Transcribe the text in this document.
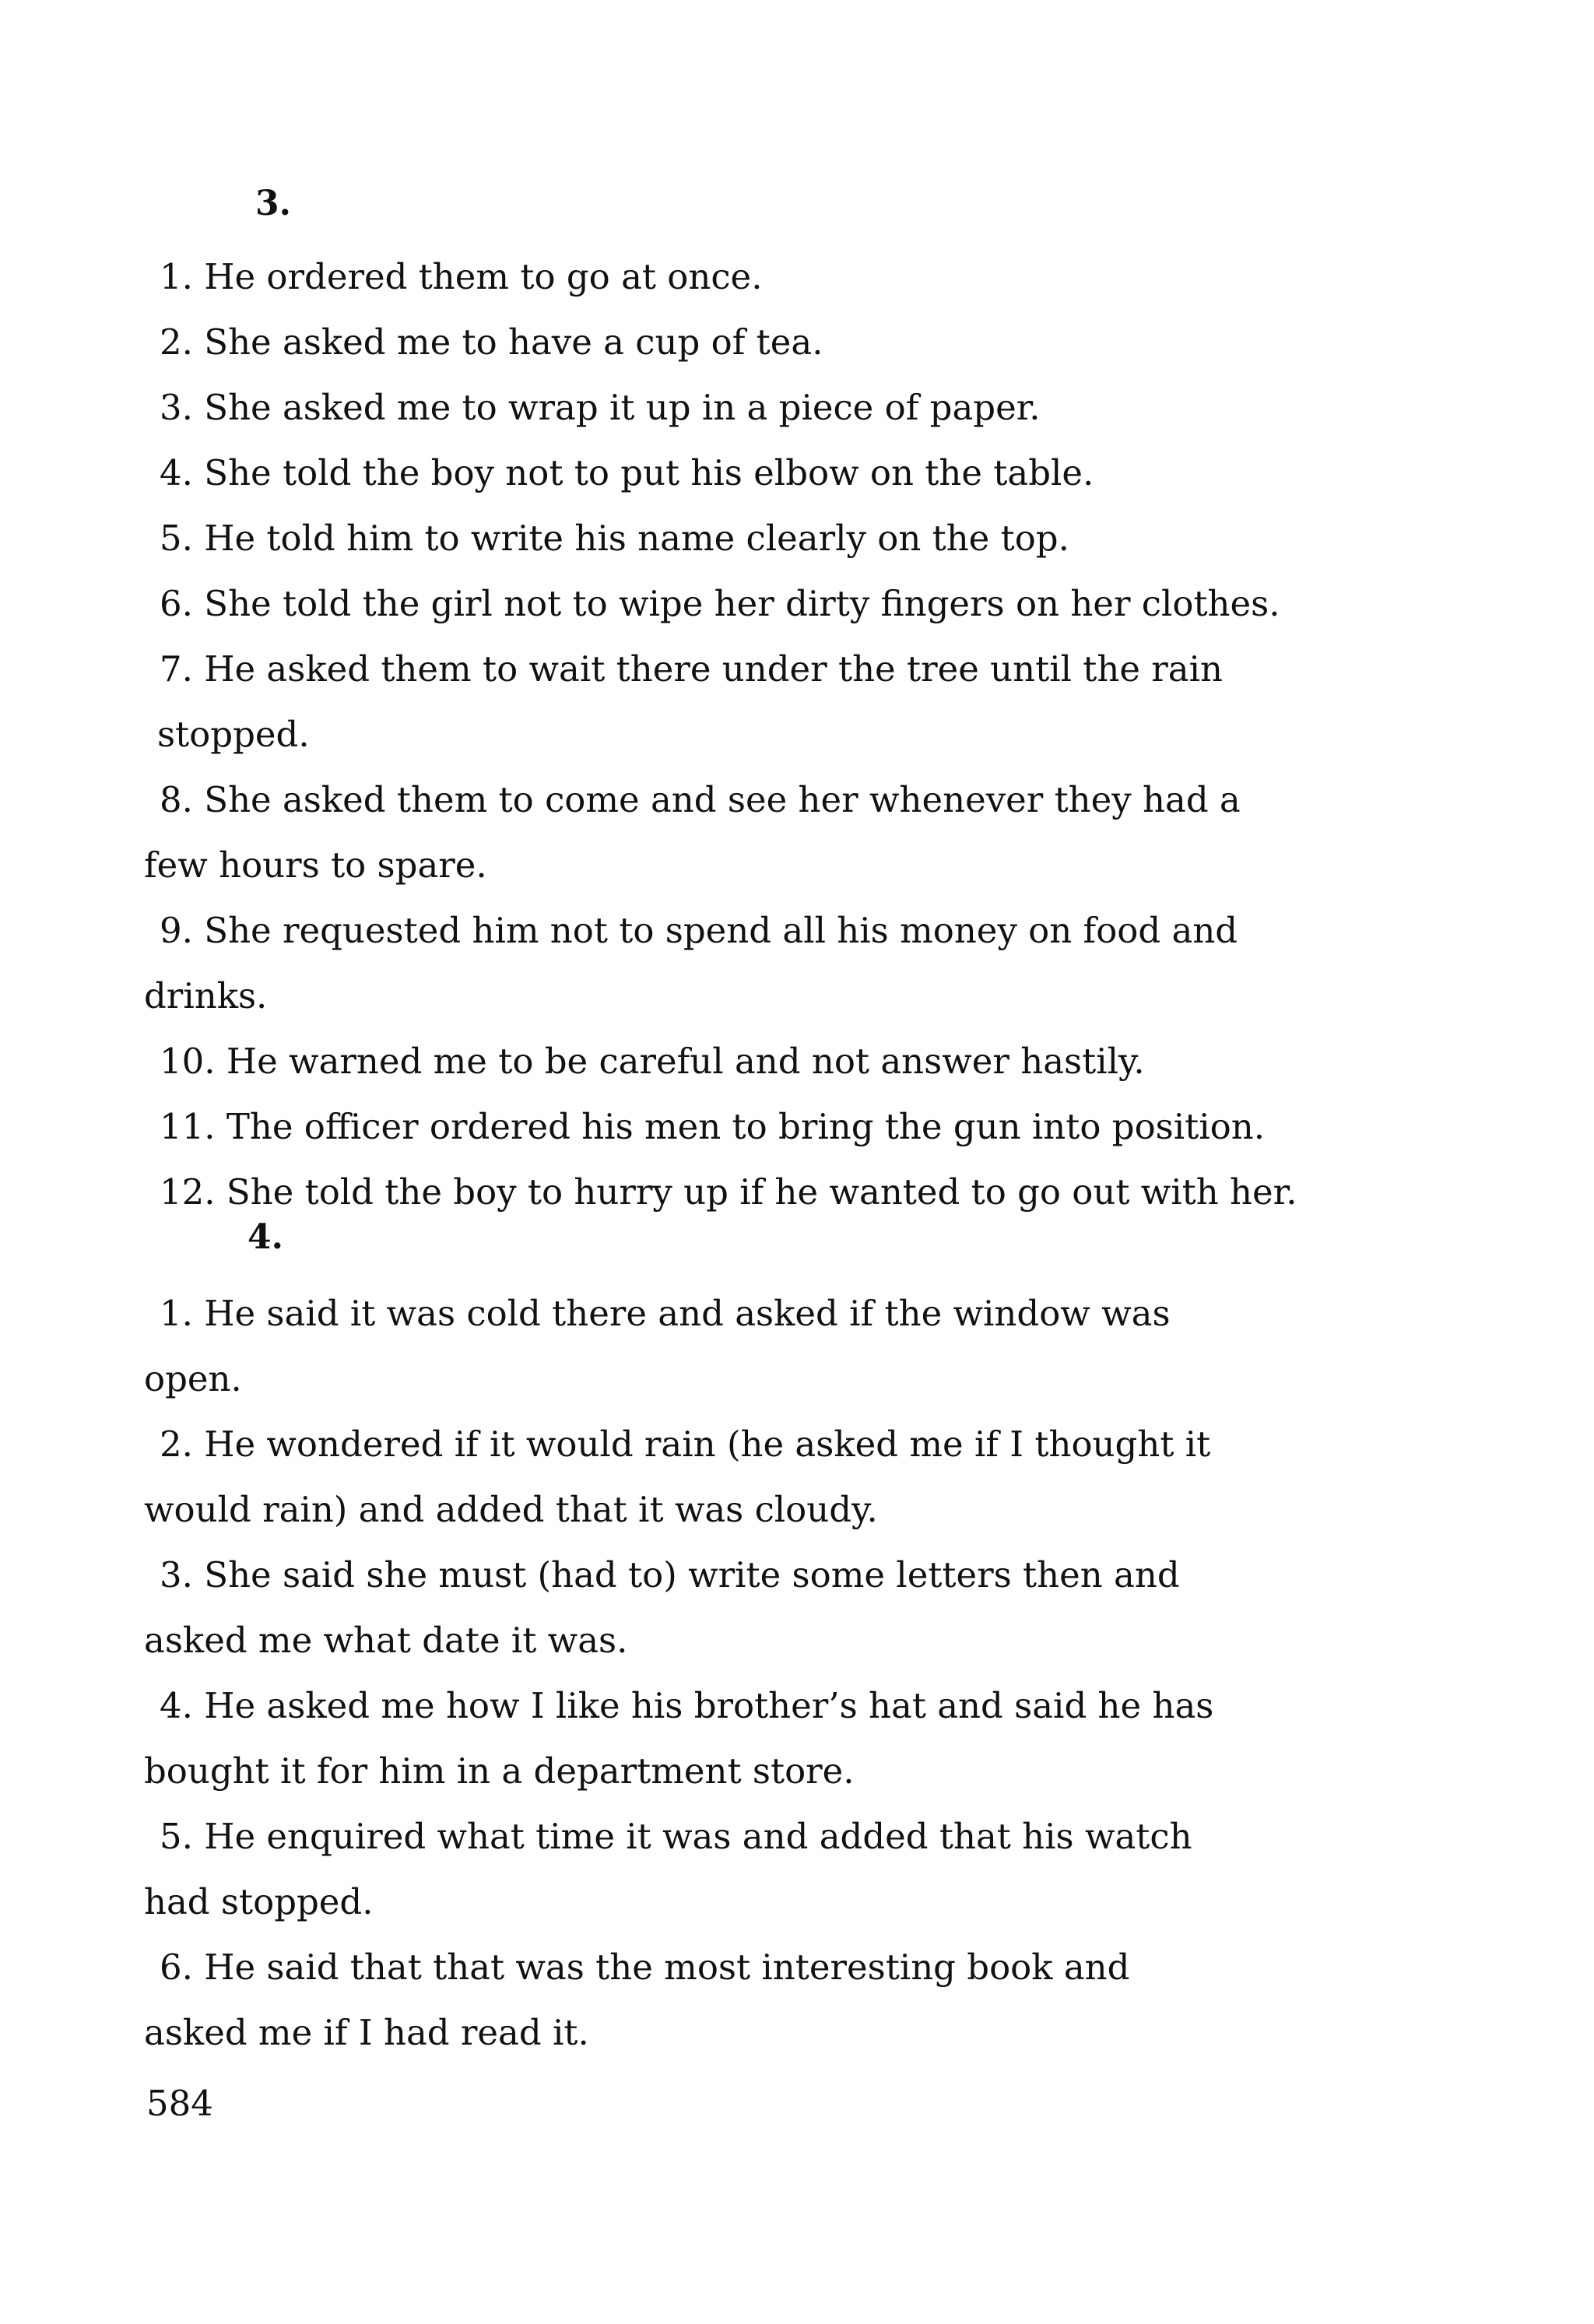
3.

1. He ordered them to go at once.

2. She asked me to have a cup of tea.

3. She asked me to wrap it up in a piece of paper.

4. She told the boy not to put his elbow on the table.

5. He told him to write his name clearly on the top.

6. She told the girl not to wipe her dirty fingers on her clothes.

7. He asked them to wait there under the tree until the rain
stopped.

8. She asked them to come and see her whenever they had a
few hours to spare.

9. She requested him not to spend all his money on food and
drinks.

10. He warned me to be careful and not answer hastily.

11. The officer ordered his men to bring the gun into position.

12. She told the boy to hurry up if he wanted to go out with her.

4.

1. He said it was cold there and asked if the window was
open.

2. He wondered if it would rain (he asked me if I thought it
would rain) and added that it was cloudy.

3. She said she must (had to) write some letters then and
asked me what date it was.

4. He asked me how I like his brother’s hat and said he has
bought it for him in a department store.

5. He enquired what time it was and added that his watch
had stopped.

6. He said that that was the most interesting book and
asked me if I had read it.

584
